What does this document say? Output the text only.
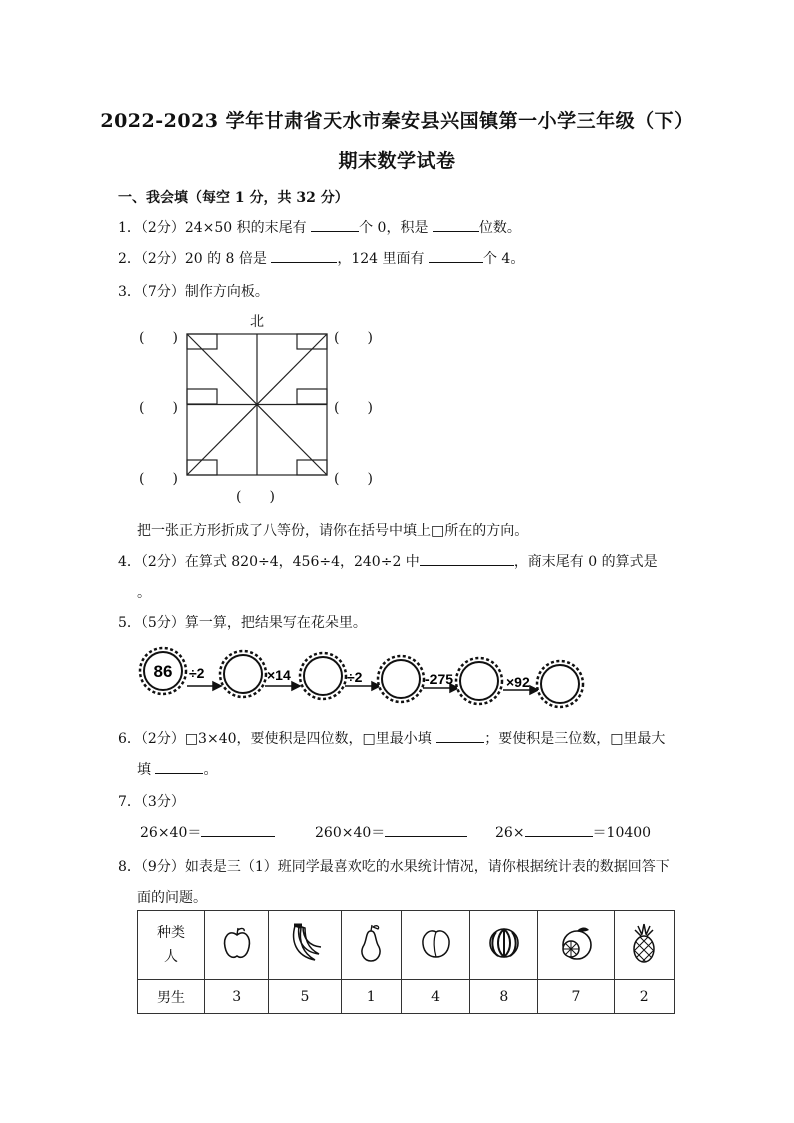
2022-2023 学年甘肃省天水市秦安县兴国镇第一小学三年级（下）
期末数学试卷
一、我会填（每空 1 分，共 32 分）
1．（2分）24×50 积的末尾有	个 0，积是	位数。
2．（2分）20 的 8 倍是	，124 里面有	个 4。
3．（7分）制作方向板。
北
(　　)	(　　)
(　　)	(　　)
(　　)	(　　)
(　　)
把一张正方形折成了八等份，请你在括号中填上□所在的方向。
4．（2分）在算式 820÷4，456÷4，240÷2 中	，商末尾有 0 的算式是
。
5．（5分）算一算，把结果写在花朵里。
86 ÷2	×14	÷2	-275	×92
6．（2分）□3×40，要使积是四位数，□里最小填	；要使积是三位数，□里最大
填	。
7．（3分）
26×40＝	260×40＝	26×	＝10400
8．（9分）如表是三（1）班同学最喜欢吃的水果统计情况，请你根据统计表的数据回答下
面的问题。
种类
人

男生	3	5	1	4	8	7	2
